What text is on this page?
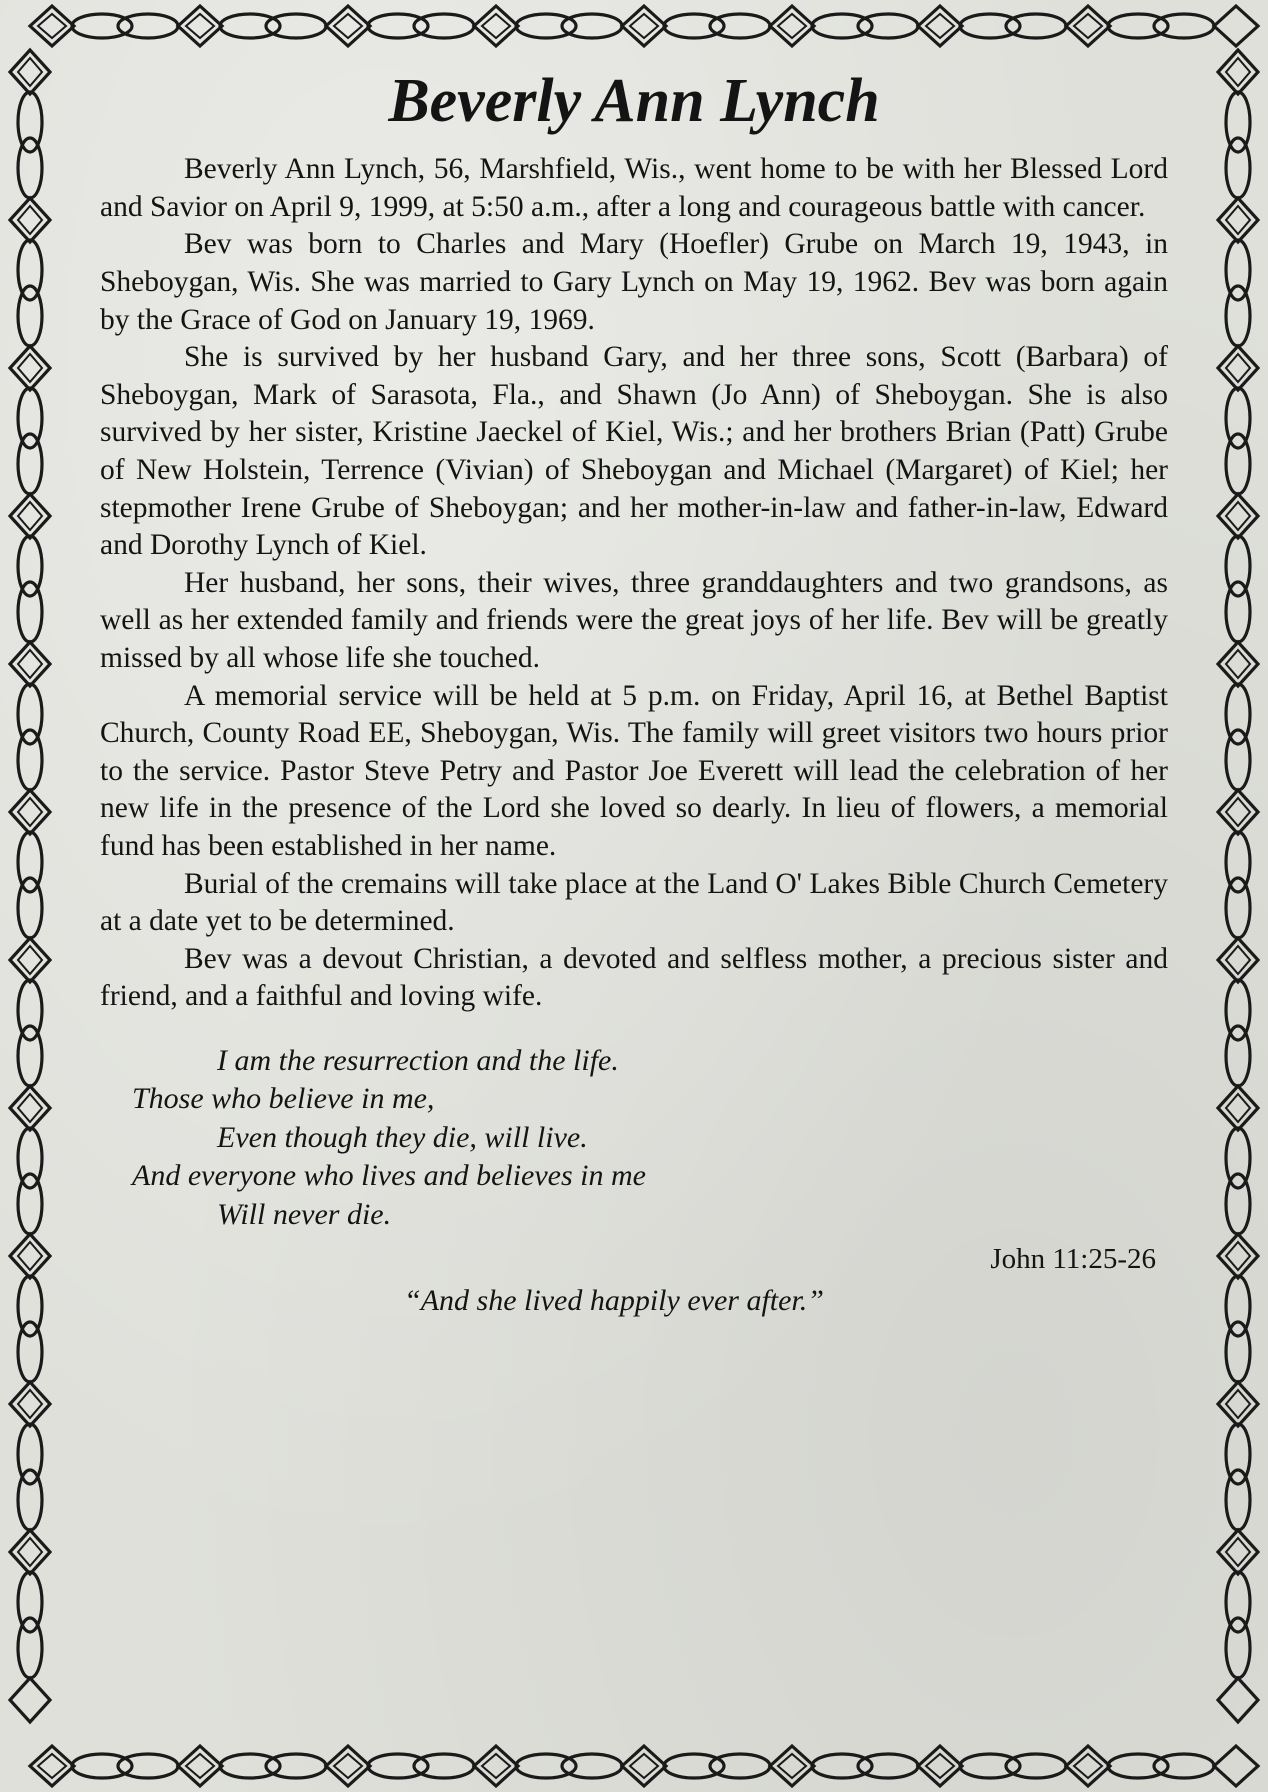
Beverly Ann Lynch

Beverly Ann Lynch, 56, Marshfield, Wis., went home to be with her Blessed Lord and Savior on April 9, 1999, at 5:50 a.m., after a long and courageous battle with cancer.

Bev was born to Charles and Mary (Hoefler) Grube on March 19, 1943, in Sheboygan, Wis. She was married to Gary Lynch on May 19, 1962. Bev was born again by the Grace of God on January 19, 1969.

She is survived by her husband Gary, and her three sons, Scott (Barbara) of Sheboygan, Mark of Sarasota, Fla., and Shawn (Jo Ann) of Sheboygan. She is also survived by her sister, Kristine Jaeckel of Kiel, Wis.; and her brothers Brian (Patt) Grube of New Holstein, Terrence (Vivian) of Sheboygan and Michael (Margaret) of Kiel; her stepmother Irene Grube of Sheboygan; and her mother-in-law and father-in-law, Edward and Dorothy Lynch of Kiel.

Her husband, her sons, their wives, three granddaughters and two grandsons, as well as her extended family and friends were the great joys of her life. Bev will be greatly missed by all whose life she touched.

A memorial service will be held at 5 p.m. on Friday, April 16, at Bethel Baptist Church, County Road EE, Sheboygan, Wis. The family will greet visitors two hours prior to the service. Pastor Steve Petry and Pastor Joe Everett will lead the celebration of her new life in the presence of the Lord she loved so dearly. In lieu of flowers, a memorial fund has been established in her name.

Burial of the cremains will take place at the Land O' Lakes Bible Church Cemetery at a date yet to be determined.

Bev was a devout Christian, a devoted and selfless mother, a precious sister and friend, and a faithful and loving wife.

I am the resurrection and the life.
Those who believe in me,
Even though they die, will live.
And everyone who lives and believes in me
Will never die.
John 11:25-26
“And she lived happily ever after.”
